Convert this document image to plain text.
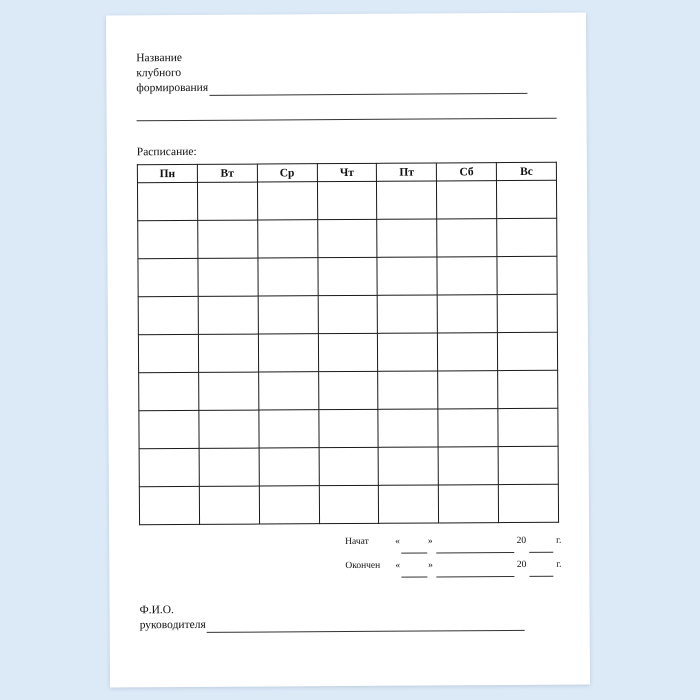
Название
клубного
формирования
Расписание:
Пн	Вт	Ср	Чт	Пт	Сб	Вс

Начат	«	»	20	г.
Окончен «	»	20	г.
Ф.И.О.
руководителя
